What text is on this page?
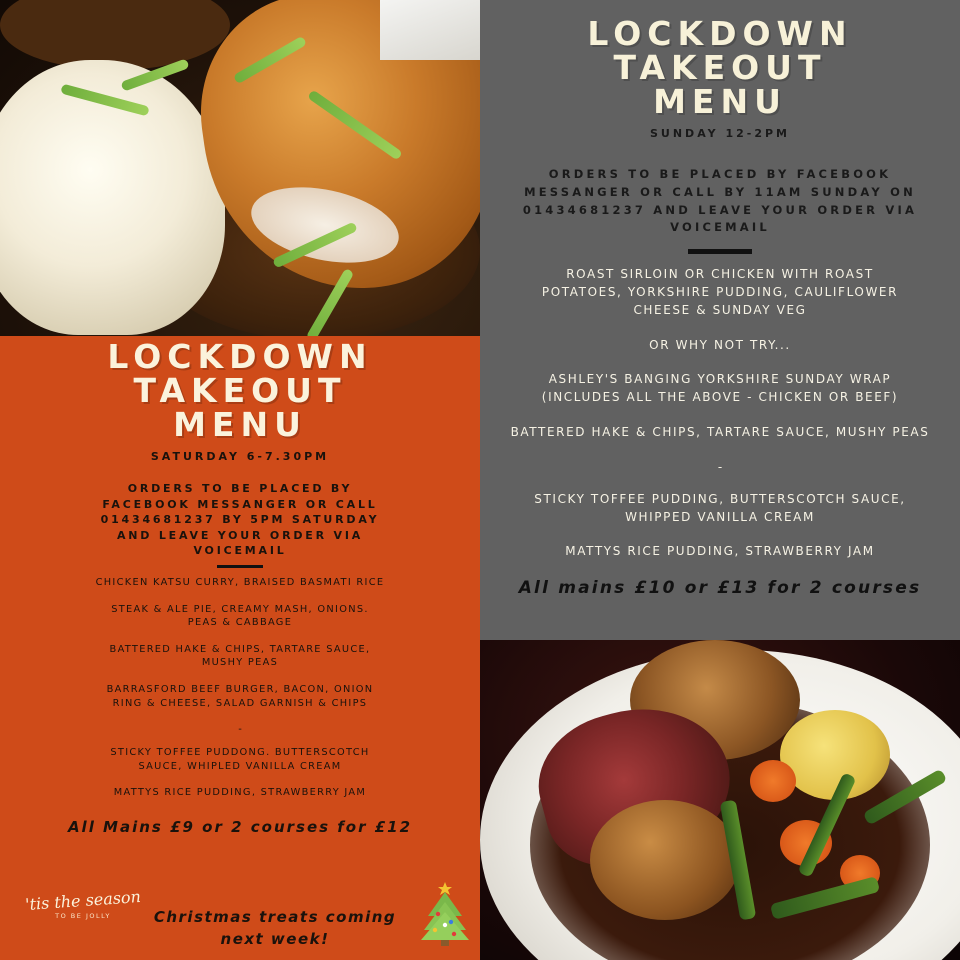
LOCKDOWN
TAKEOUT
MENU
SATURDAY 6-7.30PM
ORDERS TO BE PLACED BY FACEBOOK MESSANGER OR CALL 01434681237 BY 5PM SATURDAY AND LEAVE YOUR ORDER VIA VOICEMAIL
CHICKEN KATSU CURRY, BRAISED BASMATI RICE
STEAK & ALE PIE, CREAMY MASH, ONIONS. PEAS & CABBAGE
BATTERED HAKE & CHIPS, TARTARE SAUCE, MUSHY PEAS
BARRASFORD BEEF BURGER, BACON, ONION RING & CHEESE, SALAD GARNISH & CHIPS
-
STICKY TOFFEE PUDDONG. BUTTERSCOTCH SAUCE, WHIPLED VANILLA CREAM
MATTYS RICE PUDDING, STRAWBERRY JAM
All Mains £9 or 2 courses for £12
'tis the season
TO BE JOLLY	Christmas treats coming next week!
LOCKDOWN
TAKEOUT
MENU
SUNDAY 12-2PM
ORDERS TO BE PLACED BY FACEBOOK MESSANGER OR CALL BY 11AM SUNDAY ON 01434681237 AND LEAVE YOUR ORDER VIA VOICEMAIL
ROAST SIRLOIN OR CHICKEN WITH ROAST POTATOES, YORKSHIRE PUDDING, CAULIFLOWER CHEESE & SUNDAY VEG
OR WHY NOT TRY...
ASHLEY'S BANGING YORKSHIRE SUNDAY WRAP (INCLUDES ALL THE ABOVE - CHICKEN OR BEEF)
BATTERED HAKE & CHIPS, TARTARE SAUCE, MUSHY PEAS
-
STICKY TOFFEE PUDDING, BUTTERSCOTCH SAUCE, WHIPPED VANILLA CREAM
MATTYS RICE PUDDING, STRAWBERRY JAM
All mains £10 or £13 for 2 courses
